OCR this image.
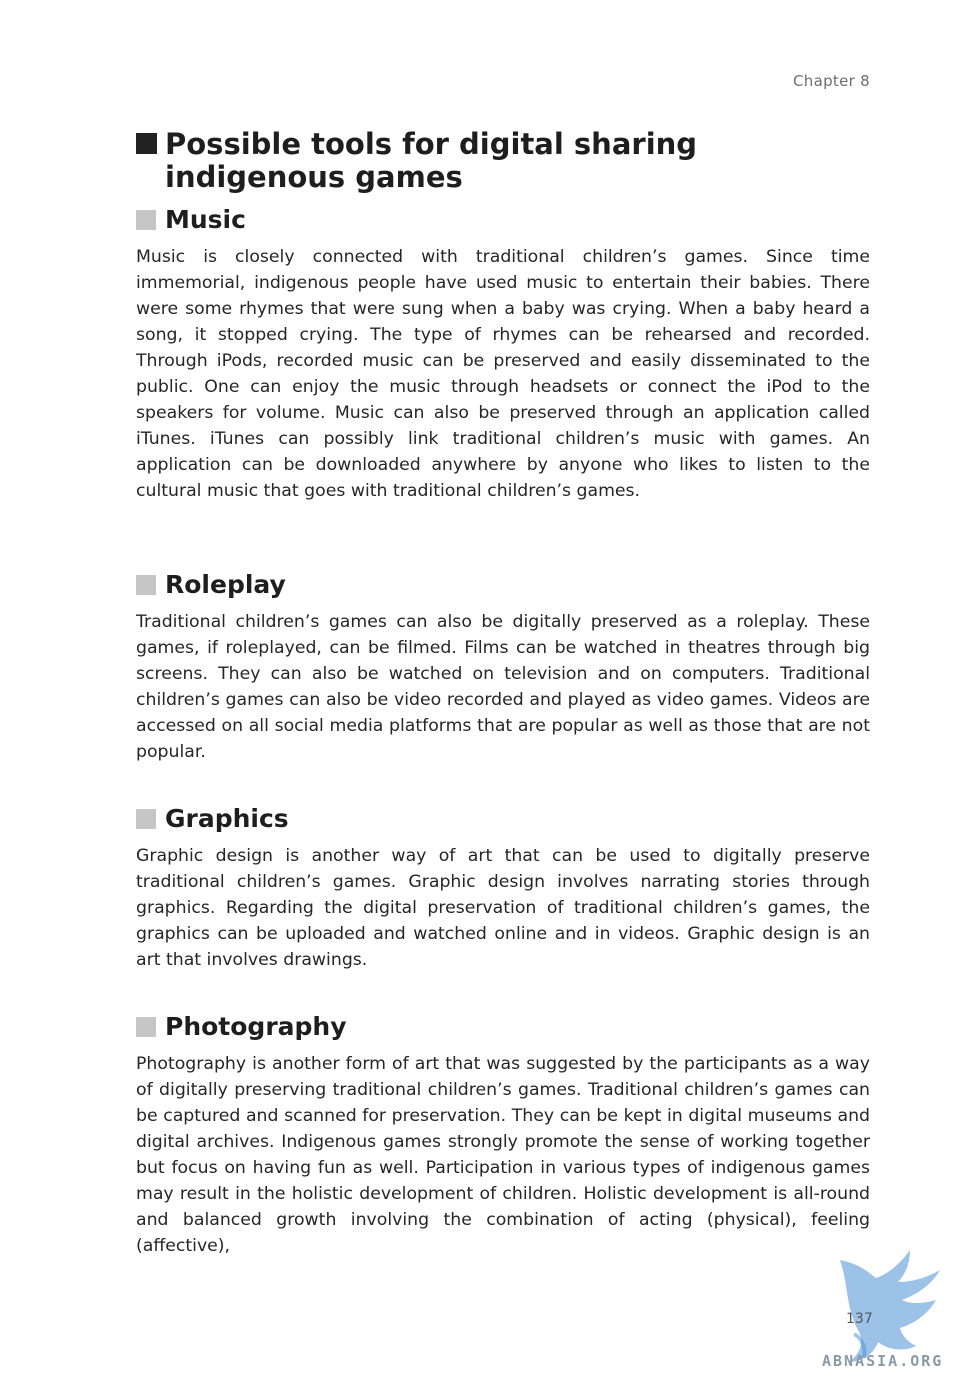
Chapter 8
Possible tools for digital sharing indigenous games
Music

Music is closely connected with traditional children’s games. Since time immemorial, indigenous people have used music to entertain their babies. There were some rhymes that were sung when a baby was crying. When a baby heard a song, it stopped crying. The type of rhymes can be rehearsed and recorded. Through iPods, recorded music can be preserved and easily disseminated to the public. One can enjoy the music through headsets or connect the iPod to the speakers for volume. Music can also be preserved through an application called iTunes. iTunes can possibly link traditional children’s music with games. An application can be downloaded anywhere by anyone who likes to listen to the cultural music that goes with traditional children’s games.

Roleplay

Traditional children’s games can also be digitally preserved as a roleplay. These games, if roleplayed, can be filmed. Films can be watched in theatres through big screens. They can also be watched on television and on computers. Traditional children’s games can also be video recorded and played as video games. Videos are accessed on all social media platforms that are popular as well as those that are not popular.

Graphics

Graphic design is another way of art that can be used to digitally preserve traditional children’s games. Graphic design involves narrating stories through graphics. Regarding the digital preservation of traditional children’s games, the graphics can be uploaded and watched online and in videos. Graphic design is an art that involves drawings.

Photography

Photography is another form of art that was suggested by the participants as a way of digitally preserving traditional children’s games. Traditional children’s games can be captured and scanned for preservation. They can be kept in digital museums and digital archives. Indigenous games strongly promote the sense of working together but focus on having fun as well. Participation in various types of indigenous games may result in the holistic development of children. Holistic development is all-round and balanced growth involving the combination of acting (physical), feeling (affective),

137
ABNASIA.ORG
